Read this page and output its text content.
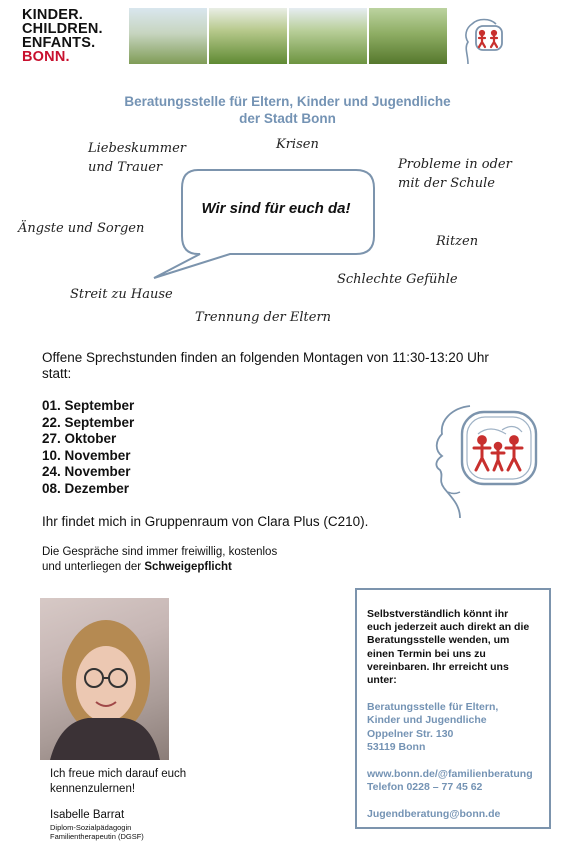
KINDER.
CHILDREN.
ENFANTS.
BONN.
Beratungsstelle für Eltern, Kinder und Jugendliche
der Stadt Bonn
Liebeskummer
und Trauer
Krisen
Probleme in oder
mit der Schule
Ängste und Sorgen
Ritzen
Schlechte Gefühle
Streit zu Hause
Trennung der Eltern
Wir sind für euch da!
Offene Sprechstunden finden an folgenden Montagen von 11:30-13:20 Uhr
statt:
01. September
22. September
27. Oktober
10. November
24. November
08. Dezember
Ihr findet mich in Gruppenraum von Clara Plus (C210).
Die Gespräche sind immer freiwillig, kostenlos
und unterliegen der Schweigepflicht
Ich freue mich darauf euch
kennenzulernen!
Isabelle Barrat
Diplom-Sozialpädagogin
Familientherapeutin (DGSF)
Selbstverständlich könnt ihr
euch jederzeit auch direkt an die
Beratungsstelle wenden, um
einen Termin bei uns zu
vereinbaren. Ihr erreicht uns
unter:
Beratungsstelle für Eltern,
Kinder und Jugendliche
Oppelner Str. 130
53119 Bonn
www.bonn.de/@familienberatung
Telefon 0228 – 77 45 62
Jugendberatung@bonn.de
